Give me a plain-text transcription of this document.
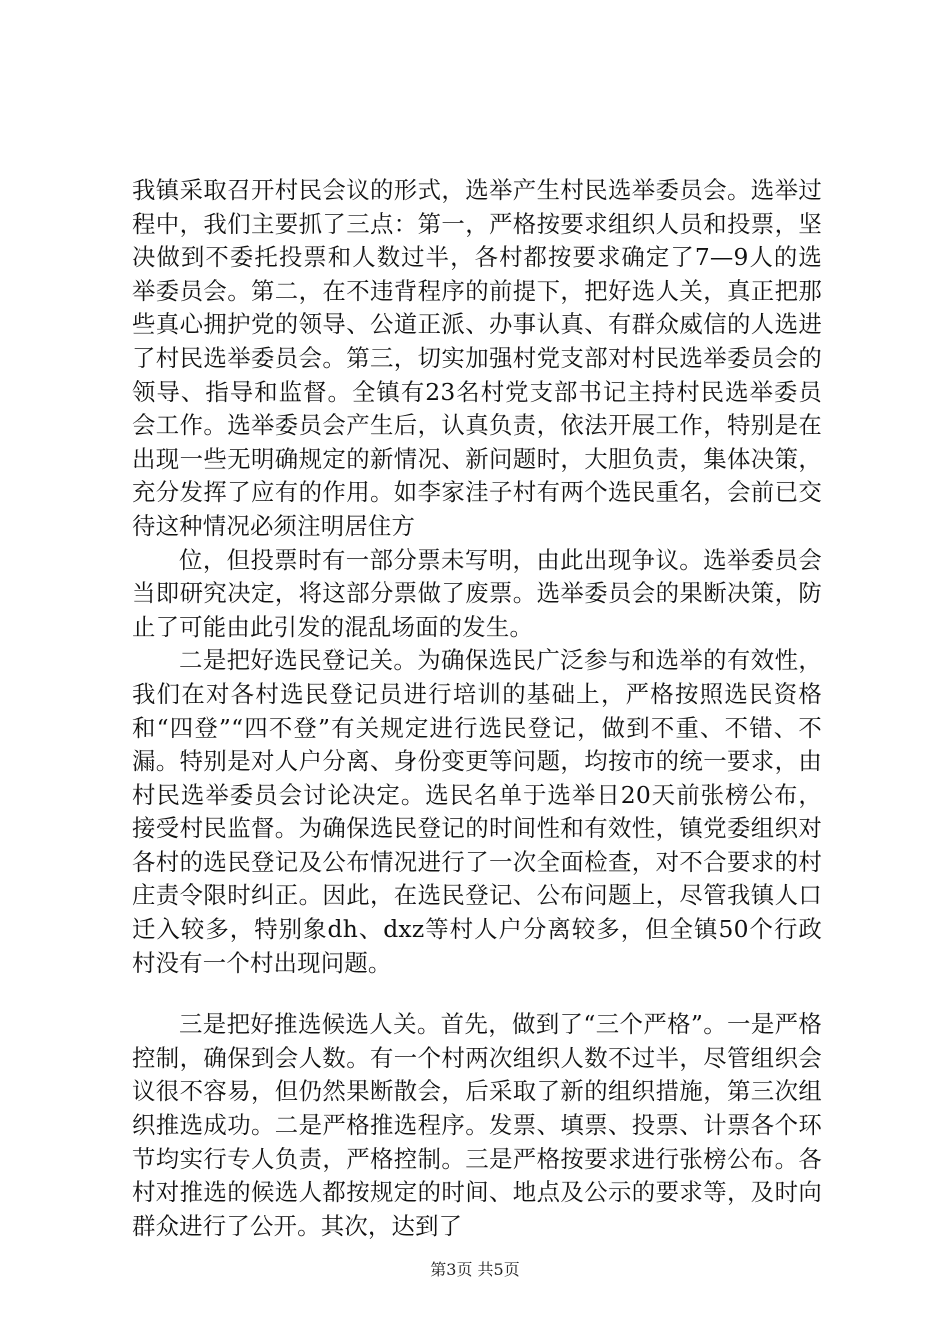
我镇采取召开村民会议的形式，选举产生村民选举委员会。选举过程中，我们主要抓了三点：第一，严格按要求组织人员和投票，坚决做到不委托投票和人数过半，各村都按要求确定了7—9人的选举委员会。第二，在不违背程序的前提下，把好选人关，真正把那些真心拥护党的领导、公道正派、办事认真、有群众威信的人选进了村民选举委员会。第三，切实加强村党支部对村民选举委员会的领导、指导和监督。全镇有23名村党支部书记主持村民选举委员会工作。选举委员会产生后，认真负责，依法开展工作，特别是在出现一些无明确规定的新情况、新问题时，大胆负责，集体决策，充分发挥了应有的作用。如李家洼子村有两个选民重名，会前已交待这种情况必须注明居住方

位，但投票时有一部分票未写明，由此出现争议。选举委员会当即研究决定，将这部分票做了废票。选举委员会的果断决策，防止了可能由此引发的混乱场面的发生。

二是把好选民登记关。为确保选民广泛参与和选举的有效性，我们在对各村选民登记员进行培训的基础上，严格按照选民资格和“四登”“四不登”有关规定进行选民登记，做到不重、不错、不漏。特别是对人户分离、身份变更等问题，均按市的统一要求，由村民选举委员会讨论决定。选民名单于选举日20天前张榜公布，接受村民监督。为确保选民登记的时间性和有效性，镇党委组织对各村的选民登记及公布情况进行了一次全面检查，对不合要求的村庄责令限时纠正。因此，在选民登记、公布问题上，尽管我镇人口迁入较多，特别象dh、dxz等村人户分离较多，但全镇50个行政村没有一个村出现问题。

三是把好推选候选人关。首先，做到了“三个严格”。一是严格控制，确保到会人数。有一个村两次组织人数不过半，尽管组织会议很不容易，但仍然果断散会，后采取了新的组织措施，第三次组织推选成功。二是严格推选程序。发票、填票、投票、计票各个环节均实行专人负责，严格控制。三是严格按要求进行张榜公布。各村对推选的候选人都按规定的时间、地点及公示的要求等，及时向群众进行了公开。其次，达到了

第3页 共5页
